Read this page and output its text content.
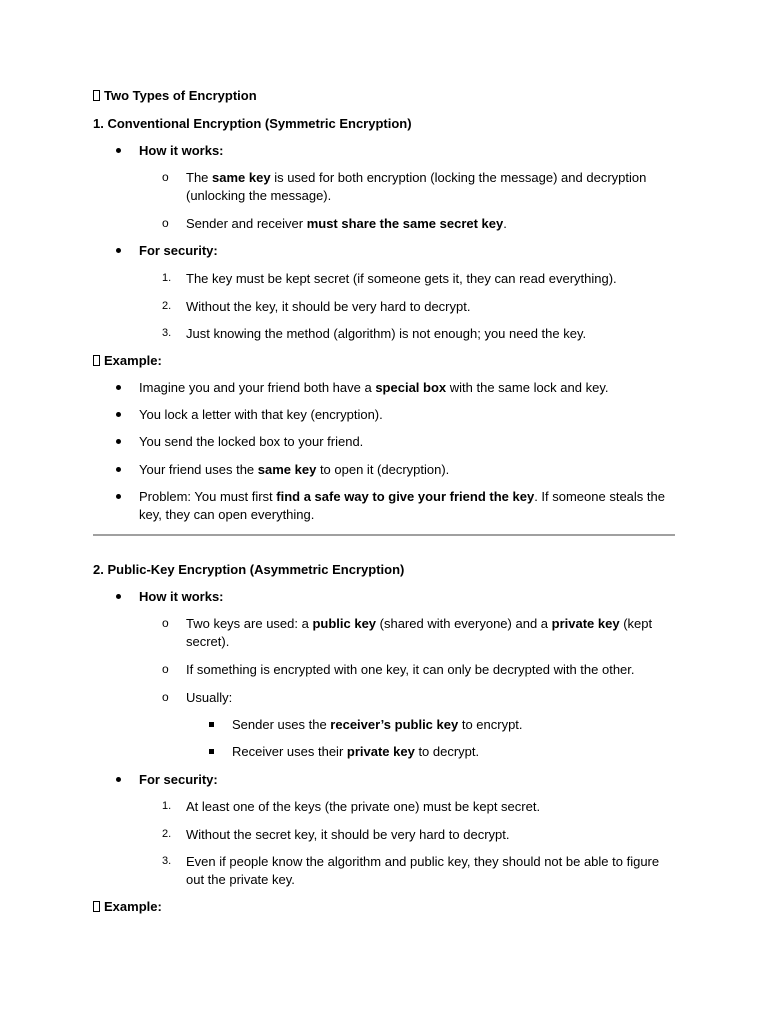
Two Types of Encryption
1. Conventional Encryption (Symmetric Encryption)
How it works:
o The same key is used for both encryption (locking the message) and decryption
(unlocking the message).
o Sender and receiver must share the same secret key.
For security:
1. The key must be kept secret (if someone gets it, they can read everything).
2. Without the key, it should be very hard to decrypt.
3. Just knowing the method (algorithm) is not enough; you need the key.
Example:
Imagine you and your friend both have a special box with the same lock and key.
You lock a letter with that key (encryption).
You send the locked box to your friend.
Your friend uses the same key to open it (decryption).
Problem: You must first find a safe way to give your friend the key. If someone steals the
key, they can open everything.
2. Public-Key Encryption (Asymmetric Encryption)
How it works:
o Two keys are used: a public key (shared with everyone) and a private key (kept
secret).
o If something is encrypted with one key, it can only be decrypted with the other.
o Usually:
Sender uses the receiver’s public key to encrypt.
Receiver uses their private key to decrypt.
For security:
1. At least one of the keys (the private one) must be kept secret.
2. Without the secret key, it should be very hard to decrypt.
3. Even if people know the algorithm and public key, they should not be able to figure
out the private key.
Example:
